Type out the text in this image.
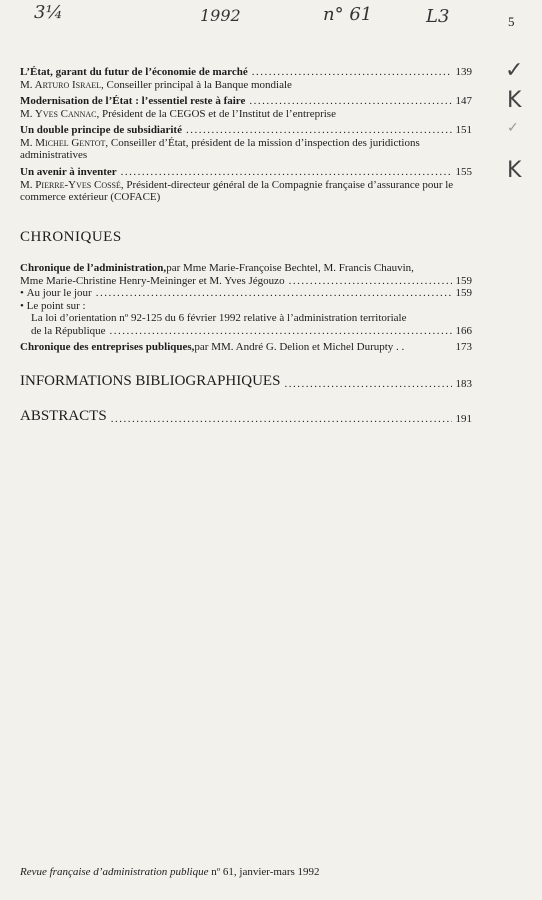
3¼	1992	n° 61	L3	5
L’État, garant du futur de l’économie de marché .....	139
M. Arturo Israel, Conseiller principal à la Banque mondiale
✓
Modernisation de l’État : l’essentiel reste à faire .....	147
M. Yves Cannac, Président de la CEGOS et de l’Institut de l’entreprise
K
Un double principe de subsidiarité .....	151
M. Michel Gentot, Conseiller d’État, président de la mission d’inspection des juridictions administratives
✓
Un avenir à inventer .....	155
M. Pierre-Yves Cossé, Président-directeur général de la Compagnie française d’assurance pour le commerce extérieur (COFACE)
K
CHRONIQUES
Chronique de l’administration, par Mme Marie-Françoise Bechtel, M. Francis Chauvin,
Mme Marie-Christine Henry-Meininger et M. Yves Jégouzo .....	159
• Au jour le jour .....	159
• Le point sur :
La loi d’orientation nº 92-125 du 6 février 1992 relative à l’administration territoriale
de la République .....	166
Chronique des entreprises publiques, par MM. André G. Delion et Michel Durupty . .	173
INFORMATIONS BIBLIOGRAPHIQUES .....	183
ABSTRACTS .....	191
Revue française d’administration publique nº 61, janvier-mars 1992
